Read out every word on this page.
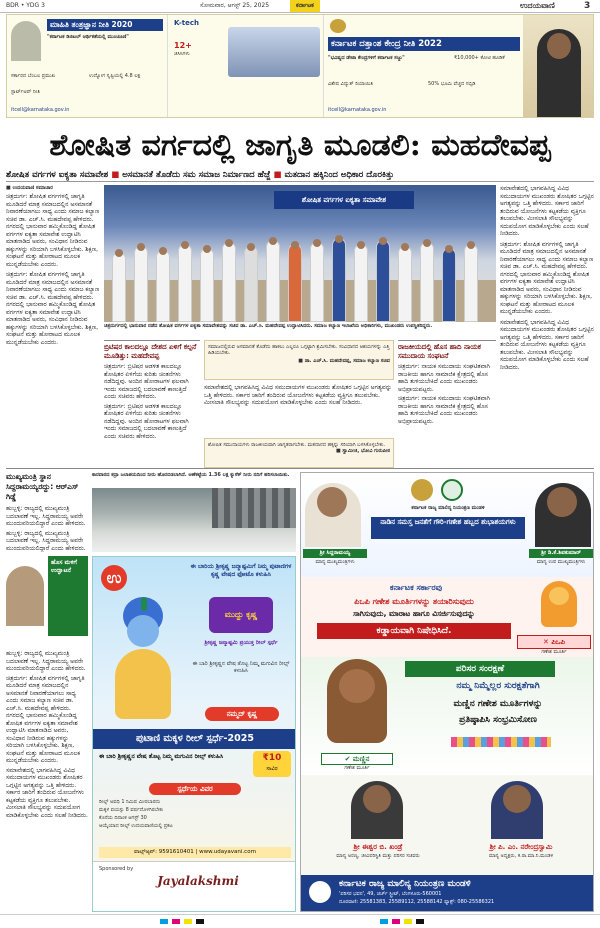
BDR • YDG 3	ಸೋಮವಾರ, ಆಗಸ್ಟ್ 25, 2025	ಕರ್ನಾಟಕ	ಉದಯವಾಣಿ	3
ಮಾಹಿತಿ ತಂತ್ರಜ್ಞಾನ ನೀತಿ 2020
"ಕರ್ನಾಟಕ ಡಿಜಿಟಲ್ ಆರ್ಥಿಕತೆಯಲ್ಲಿ ಮುಂಚೂಣಿ"
ಸರ್ಕಾರದ ಬೆಂಬಲ ಪ್ರಮುಖ	ಉದ್ಯೋಗ ಸೃಷ್ಟಿಯಲ್ಲಿ 4.8 ಲಕ್ಷ
ಸ್ಟಾರ್ಟ್‌ಅಪ್ ನೀತಿ
itcell@karnataka.gov.in
K-tech
12+
ಜಿಸಿಸಿಗಳು
ಕರ್ನಾಟಕ ದತ್ತಾಂಶ ಕೇಂದ್ರ ನೀತಿ 2022
"ಭವಿಷ್ಯದ ಡೇಟಾ ಕೇಂದ್ರಗಳಿಗೆ ಕರ್ನಾಟಕ ಸಜ್ಜು"	₹10,000+ ಕೋಟಿ ಹೂಡಿಕೆ
ವಿಶೇಷ ವಿದ್ಯುತ್ ರಿಯಾಯಿತಿ	50% ಭೂಮಿ ವೆಚ್ಚದ ಸಬ್ಸಿಡಿ
itcell@karnataka.gov.in
ಶೋಷಿತ ವರ್ಗದಲ್ಲಿ ಜಾಗೃತಿ ಮೂಡಲಿ: ಮಹದೇವಪ್ಪ
ಶೋಷಿತ ವರ್ಗಗಳ ಐಕ್ಯತಾ ಸಮಾವೇಶ ■ ಅಸಮಾನತೆ ತೊಡೆದು ಸಮ ಸಮಾಜ ನಿರ್ಮಾಣದ ಹೆಜ್ಜೆ ■ ಮತದಾನ ಹಕ್ಕಿನಿಂದ ಅಧಿಕಾರ ದೊರಕಿತ್ತು
■ ಉದಯವಾಣಿ ಸಮಾಚಾರ
ಚಿತ್ರದುರ್ಗ: ಶೋಷಿತ ವರ್ಗಗಳಲ್ಲಿ ಜಾಗೃತಿ ಮೂಡಿದರೆ ಮಾತ್ರ ಸಮಾಜದಲ್ಲಿನ ಅಸಮಾನತೆ ನಿವಾರಣೆಯಾಗಲು ಸಾಧ್ಯ ಎಂದು ಸಮಾಜ ಕಲ್ಯಾಣ ಸಚಿವ ಡಾ. ಎಚ್.ಸಿ. ಮಹದೇವಪ್ಪ ಹೇಳಿದರು. ನಗರದಲ್ಲಿ ಭಾನುವಾರ ಹಮ್ಮಿಕೊಂಡಿದ್ದ ಶೋಷಿತ ವರ್ಗಗಳ ಐಕ್ಯತಾ ಸಮಾವೇಶ ಉದ್ಘಾಟಿಸಿ ಮಾತನಾಡಿದ ಅವರು, ಸಂವಿಧಾನ ನೀಡಿರುವ ಹಕ್ಕುಗಳನ್ನು ಸರಿಯಾಗಿ ಬಳಸಿಕೊಳ್ಳಬೇಕು. ಶಿಕ್ಷಣ, ಸಂಘಟನೆ ಮತ್ತು ಹೋರಾಟದ ಮೂಲಕ ಮುನ್ನಡೆಯಬೇಕು ಎಂದರು.
ಚಿತ್ರದುರ್ಗ: ಶೋಷಿತ ವರ್ಗಗಳಲ್ಲಿ ಜಾಗೃತಿ ಮೂಡಿದರೆ ಮಾತ್ರ ಸಮಾಜದಲ್ಲಿನ ಅಸಮಾನತೆ ನಿವಾರಣೆಯಾಗಲು ಸಾಧ್ಯ ಎಂದು ಸಮಾಜ ಕಲ್ಯಾಣ ಸಚಿವ ಡಾ. ಎಚ್.ಸಿ. ಮಹದೇವಪ್ಪ ಹೇಳಿದರು. ನಗರದಲ್ಲಿ ಭಾನುವಾರ ಹಮ್ಮಿಕೊಂಡಿದ್ದ ಶೋಷಿತ ವರ್ಗಗಳ ಐಕ್ಯತಾ ಸಮಾವೇಶ ಉದ್ಘಾಟಿಸಿ ಮಾತನಾಡಿದ ಅವರು, ಸಂವಿಧಾನ ನೀಡಿರುವ ಹಕ್ಕುಗಳನ್ನು ಸರಿಯಾಗಿ ಬಳಸಿಕೊಳ್ಳಬೇಕು. ಶಿಕ್ಷಣ, ಸಂಘಟನೆ ಮತ್ತು ಹೋರಾಟದ ಮೂಲಕ ಮುನ್ನಡೆಯಬೇಕು ಎಂದರು.
ಶೋಷಿತ ವರ್ಗಗಳ ಐಕ್ಯತಾ ಸಮಾವೇಶ
ಚಿತ್ರದುರ್ಗದಲ್ಲಿ ಭಾನುವಾರ ನಡೆದ ಶೋಷಿತ ವರ್ಗಗಳ ಐಕ್ಯತಾ ಸಮಾವೇಶವನ್ನು ಸಚಿವ ಡಾ. ಎಚ್.ಸಿ. ಮಹದೇವಪ್ಪ ಉದ್ಘಾಟಿಸಿದರು. ಸಮಾಜ ಕಲ್ಯಾಣ ಇಲಾಖೆಯ ಅಧಿಕಾರಿಗಳು, ಮುಖಂಡರು ಉಪಸ್ಥಿತರಿದ್ದರು.
ಸಮಾವೇಶದಲ್ಲಿ ಭಾಗವಹಿಸಿದ್ದ ವಿವಿಧ ಸಮುದಾಯಗಳ ಮುಖಂಡರು ಶೋಷಿತರ ಒಗ್ಗಟ್ಟಿನ ಅಗತ್ಯವನ್ನು ಒತ್ತಿ ಹೇಳಿದರು. ಸರ್ಕಾರ ಜಾರಿಗೆ ತಂದಿರುವ ಯೋಜನೆಗಳು ಕಟ್ಟಕಡೆಯ ವ್ಯಕ್ತಿಗೂ ತಲುಪಬೇಕು. ಮೀಸಲಾತಿ ಸೌಲಭ್ಯವನ್ನು ಸದುಪಯೋಗ ಮಾಡಿಕೊಳ್ಳಬೇಕು ಎಂದು ಸಲಹೆ ನೀಡಿದರು.
ಚಿತ್ರದುರ್ಗ: ಶೋಷಿತ ವರ್ಗಗಳಲ್ಲಿ ಜಾಗೃತಿ ಮೂಡಿದರೆ ಮಾತ್ರ ಸಮಾಜದಲ್ಲಿನ ಅಸಮಾನತೆ ನಿವಾರಣೆಯಾಗಲು ಸಾಧ್ಯ ಎಂದು ಸಮಾಜ ಕಲ್ಯಾಣ ಸಚಿವ ಡಾ. ಎಚ್.ಸಿ. ಮಹದೇವಪ್ಪ ಹೇಳಿದರು. ನಗರದಲ್ಲಿ ಭಾನುವಾರ ಹಮ್ಮಿಕೊಂಡಿದ್ದ ಶೋಷಿತ ವರ್ಗಗಳ ಐಕ್ಯತಾ ಸಮಾವೇಶ ಉದ್ಘಾಟಿಸಿ ಮಾತನಾಡಿದ ಅವರು, ಸಂವಿಧಾನ ನೀಡಿರುವ ಹಕ್ಕುಗಳನ್ನು ಸರಿಯಾಗಿ ಬಳಸಿಕೊಳ್ಳಬೇಕು. ಶಿಕ್ಷಣ, ಸಂಘಟನೆ ಮತ್ತು ಹೋರಾಟದ ಮೂಲಕ ಮುನ್ನಡೆಯಬೇಕು ಎಂದರು.
ಸಮಾವೇಶದಲ್ಲಿ ಭಾಗವಹಿಸಿದ್ದ ವಿವಿಧ ಸಮುದಾಯಗಳ ಮುಖಂಡರು ಶೋಷಿತರ ಒಗ್ಗಟ್ಟಿನ ಅಗತ್ಯವನ್ನು ಒತ್ತಿ ಹೇಳಿದರು. ಸರ್ಕಾರ ಜಾರಿಗೆ ತಂದಿರುವ ಯೋಜನೆಗಳು ಕಟ್ಟಕಡೆಯ ವ್ಯಕ್ತಿಗೂ ತಲುಪಬೇಕು. ಮೀಸಲಾತಿ ಸೌಲಭ್ಯವನ್ನು ಸದುಪಯೋಗ ಮಾಡಿಕೊಳ್ಳಬೇಕು ಎಂದು ಸಲಹೆ ನೀಡಿದರು.
ಬ್ರಿಟಿಷರ ಕಾಲದಲ್ಲೂ ದೇಶದ ಏಳಿಗೆ ಕಲ್ಪನೆ ಮೂಡಿತ್ತು: ಮಹದೇವಪ್ಪ
ಚಿತ್ರದುರ್ಗ: ಬ್ರಿಟಿಷರ ಆಡಳಿತ ಕಾಲದಲ್ಲೂ ಶೋಷಿತರ ಏಳಿಗೆಯ ಕುರಿತು ಚಿಂತನೆಗಳು ನಡೆದಿದ್ದವು. ಅಂದಿನ ಹೋರಾಟಗಳ ಫಲವಾಗಿ ಇಂದು ಸಮಾಜದಲ್ಲಿ ಬದಲಾವಣೆ ಕಾಣುತ್ತಿದೆ ಎಂದು ಸಚಿವರು ಹೇಳಿದರು.
ಚಿತ್ರದುರ್ಗ: ಬ್ರಿಟಿಷರ ಆಡಳಿತ ಕಾಲದಲ್ಲೂ ಶೋಷಿತರ ಏಳಿಗೆಯ ಕುರಿತು ಚಿಂತನೆಗಳು ನಡೆದಿದ್ದವು. ಅಂದಿನ ಹೋರಾಟಗಳ ಫಲವಾಗಿ ಇಂದು ಸಮಾಜದಲ್ಲಿ ಬದಲಾವಣೆ ಕಾಣುತ್ತಿದೆ ಎಂದು ಸಚಿವರು ಹೇಳಿದರು.
ಸಮಾಜದಲ್ಲಿರುವ ಅಸಮಾನತೆ ತೊಡೆದು ಹಾಕಲು ಎಲ್ಲರೂ ಒಗ್ಗಟ್ಟಾಗಿ ಶ್ರಮಿಸಬೇಕು. ಸಂವಿಧಾನದ ಆಶಯಗಳನ್ನು ಎತ್ತಿ ಹಿಡಿಯಬೇಕು.
■ ಡಾ. ಎಚ್.ಸಿ. ಮಹದೇವಪ್ಪ, ಸಮಾಜ ಕಲ್ಯಾಣ ಸಚಿವ
ಸಮಾವೇಶದಲ್ಲಿ ಭಾಗವಹಿಸಿದ್ದ ವಿವಿಧ ಸಮುದಾಯಗಳ ಮುಖಂಡರು ಶೋಷಿತರ ಒಗ್ಗಟ್ಟಿನ ಅಗತ್ಯವನ್ನು ಒತ್ತಿ ಹೇಳಿದರು. ಸರ್ಕಾರ ಜಾರಿಗೆ ತಂದಿರುವ ಯೋಜನೆಗಳು ಕಟ್ಟಕಡೆಯ ವ್ಯಕ್ತಿಗೂ ತಲುಪಬೇಕು. ಮೀಸಲಾತಿ ಸೌಲಭ್ಯವನ್ನು ಸದುಪಯೋಗ ಮಾಡಿಕೊಳ್ಳಬೇಕು ಎಂದು ಸಲಹೆ ನೀಡಿದರು.
ಶೋಷಿತ ಸಮುದಾಯಗಳು ರಾಜಕೀಯವಾಗಿ ಜಾಗೃತರಾಗಬೇಕು. ಮತದಾನದ ಹಕ್ಕನ್ನು ಸರಿಯಾಗಿ ಬಳಸಿಕೊಳ್ಳಬೇಕು.
■ ಸ್ವಾಮೀಜಿ, ಭೋವಿ ಗುರುಪೀಠ
ರಾಜಕೀಯದಲ್ಲಿ ಹೊಸ ಹಾದಿ ನಾಯಕ ಸಮುದಾಯ ಸಂಘಟನೆ
ಚಿತ್ರದುರ್ಗ: ನಾಯಕ ಸಮುದಾಯ ಸಂಘಟಿತವಾಗಿ ರಾಜಕೀಯ ಹಾಗೂ ಸಾಮಾಜಿಕ ಕ್ಷೇತ್ರದಲ್ಲಿ ಹೊಸ ಹಾದಿ ತುಳಿಯಬೇಕಿದೆ ಎಂದು ಮುಖಂಡರು ಅಭಿಪ್ರಾಯಪಟ್ಟರು.
ಚಿತ್ರದುರ್ಗ: ನಾಯಕ ಸಮುದಾಯ ಸಂಘಟಿತವಾಗಿ ರಾಜಕೀಯ ಹಾಗೂ ಸಾಮಾಜಿಕ ಕ್ಷೇತ್ರದಲ್ಲಿ ಹೊಸ ಹಾದಿ ತುಳಿಯಬೇಕಿದೆ ಎಂದು ಮುಖಂಡರು ಅಭಿಪ್ರಾಯಪಟ್ಟರು.
ಮುಖ್ಯಮಂತ್ರಿ ಸ್ಥಾನ ಸಿದ್ದರಾಮಯ್ಯರದ್ದು: ಆರ್‌ಎಸ್ ಗಿಡ್ಡೆ
ಹುಬ್ಬಳ್ಳಿ: ರಾಜ್ಯದಲ್ಲಿ ಮುಖ್ಯಮಂತ್ರಿ ಬದಲಾವಣೆ ಇಲ್ಲ. ಸಿದ್ದರಾಮಯ್ಯ ಅವರೇ ಮುಂದುವರಿಯಲಿದ್ದಾರೆ ಎಂದು ಹೇಳಿದರು.
ಹುಬ್ಬಳ್ಳಿ: ರಾಜ್ಯದಲ್ಲಿ ಮುಖ್ಯಮಂತ್ರಿ ಬದಲಾವಣೆ ಇಲ್ಲ. ಸಿದ್ದರಾಮಯ್ಯ ಅವರೇ ಮುಂದುವರಿಯಲಿದ್ದಾರೆ ಎಂದು ಹೇಳಿದರು.
ಹೊಸ ಮಳಿಗೆ ಉದ್ಘಾಟನೆ
ಹುಬ್ಬಳ್ಳಿ: ರಾಜ್ಯದಲ್ಲಿ ಮುಖ್ಯಮಂತ್ರಿ ಬದಲಾವಣೆ ಇಲ್ಲ. ಸಿದ್ದರಾಮಯ್ಯ ಅವರೇ ಮುಂದುವರಿಯಲಿದ್ದಾರೆ ಎಂದು ಹೇಳಿದರು.
ಚಿತ್ರದುರ್ಗ: ಶೋಷಿತ ವರ್ಗಗಳಲ್ಲಿ ಜಾಗೃತಿ ಮೂಡಿದರೆ ಮಾತ್ರ ಸಮಾಜದಲ್ಲಿನ ಅಸಮಾನತೆ ನಿವಾರಣೆಯಾಗಲು ಸಾಧ್ಯ ಎಂದು ಸಮಾಜ ಕಲ್ಯಾಣ ಸಚಿವ ಡಾ. ಎಚ್.ಸಿ. ಮಹದೇವಪ್ಪ ಹೇಳಿದರು. ನಗರದಲ್ಲಿ ಭಾನುವಾರ ಹಮ್ಮಿಕೊಂಡಿದ್ದ ಶೋಷಿತ ವರ್ಗಗಳ ಐಕ್ಯತಾ ಸಮಾವೇಶ ಉದ್ಘಾಟಿಸಿ ಮಾತನಾಡಿದ ಅವರು, ಸಂವಿಧಾನ ನೀಡಿರುವ ಹಕ್ಕುಗಳನ್ನು ಸರಿಯಾಗಿ ಬಳಸಿಕೊಳ್ಳಬೇಕು. ಶಿಕ್ಷಣ, ಸಂಘಟನೆ ಮತ್ತು ಹೋರಾಟದ ಮೂಲಕ ಮುನ್ನಡೆಯಬೇಕು ಎಂದರು.
ಸಮಾವೇಶದಲ್ಲಿ ಭಾಗವಹಿಸಿದ್ದ ವಿವಿಧ ಸಮುದಾಯಗಳ ಮುಖಂಡರು ಶೋಷಿತರ ಒಗ್ಗಟ್ಟಿನ ಅಗತ್ಯವನ್ನು ಒತ್ತಿ ಹೇಳಿದರು. ಸರ್ಕಾರ ಜಾರಿಗೆ ತಂದಿರುವ ಯೋಜನೆಗಳು ಕಟ್ಟಕಡೆಯ ವ್ಯಕ್ತಿಗೂ ತಲುಪಬೇಕು. ಮೀಸಲಾತಿ ಸೌಲಭ್ಯವನ್ನು ಸದುಪಯೋಗ ಮಾಡಿಕೊಳ್ಳಬೇಕು ಎಂದು ಸಲಹೆ ನೀಡಿದರು.
ಕಾರವಾರದ ಕದ್ರಾ ಜಲಾಶಯದಿಂದ ನೀರು ಹೊರಬಿಡಲಾಗಿದೆ. ಅಣೆಕಟ್ಟೆಯ 1.36 ಲಕ್ಷ ಕ್ಯುಸೆಕ್ ನೀರು ನದಿಗೆ ಹರಿಸಲಾಯಿತು.
ಉ
ಈ ಬಾರಿಯ ಶ್ರೀಕೃಷ್ಣ ಜನ್ಮಾಷ್ಟಮಿಗೆ ನಿಮ್ಮ ಪುಟಾಣಿಗಳ ಕೃಷ್ಣ ವೇಷದ ಫೋಟೊ ಕಳುಹಿಸಿ
ಮುದ್ದು ಕೃಷ್ಣ
ಶ್ರೀಕೃಷ್ಣ ಜನ್ಮಾಷ್ಟಮಿ ಪ್ರಯುಕ್ತ ರೀಲ್ ಸ್ಪರ್ಧೆ
ಈ ಬಾರಿ ಶ್ರೀಕೃಷ್ಣನ ವೇಷ ತೊಟ್ಟ ನಿಮ್ಮ ಮಗುವಿನ ರೀಲ್ಸ್ ಕಳುಹಿಸಿ
ನಮ್ಮದ್ ಕೃಷ್ಣ
ಪುಟಾಣಿ ಮಕ್ಕಳ ರೀಲ್ ಸ್ಪರ್ಧೆ-2025
ಈ ಬಾರಿ ಶ್ರೀಕೃಷ್ಣನ ವೇಷ ತೊಟ್ಟ ನಿಮ್ಮ ಮಗುವಿನ ರೀಲ್ಸ್ ಕಳುಹಿಸಿ	₹10
ಸಾವಿರ
ಸ್ಪರ್ಧೆಯ ವಿವರ
ರೀಲ್ಸ್ ಅವಧಿ 1 ನಿಮಿಷ ಮೀರಬಾರದು
ಮಕ್ಕಳ ವಯಸ್ಸು 8 ವರ್ಷದೊಳಗಿರಬೇಕು
ಕೊನೆಯ ದಿನಾಂಕ ಆಗಸ್ಟ್ 30
ಆಯ್ಕೆಯಾದ ರೀಲ್ಸ್ ಉದಯವಾಣಿಯಲ್ಲಿ ಪ್ರಕಟ
ವಾಟ್ಸ್ಆ್ಯಪ್: 9591610401 | www.udayavani.com
Sponsored by
Jayalakshmi
ಕರ್ನಾಟಕ ರಾಜ್ಯ ಮಾಲಿನ್ಯ ನಿಯಂತ್ರಣ ಮಂಡಳಿ
ನಾಡಿನ ಸಮಸ್ತ ಜನತೆಗೆ ಗೌರಿ-ಗಣೇಶ ಹಬ್ಬದ ಶುಭಾಶಯಗಳು
ಶ್ರೀ ಸಿದ್ದರಾಮಯ್ಯ
ಮಾನ್ಯ ಮುಖ್ಯಮಂತ್ರಿಗಳು
ಶ್ರೀ ಡಿ.ಕೆ.ಶಿವಕುಮಾರ್
ಮಾನ್ಯ ಉಪ ಮುಖ್ಯಮಂತ್ರಿಗಳು
ಕರ್ನಾಟಕ ಸರ್ಕಾರವು
ಪಿಒಪಿ ಗಣೇಶ ಮೂರ್ತಿಗಳನ್ನು ತಯಾರಿಸುವುದು
ಸಾಗಿಸುವುದು, ಮಾರಾಟ ಹಾಗೂ ವಿಸರ್ಜಿಸುವುದನ್ನು
ಕಡ್ಡಾಯವಾಗಿ ನಿಷೇಧಿಸಿದೆ.
✕ ಪಿಒಪಿ
ಗಣೇಶ ಮೂರ್ತಿ
ಪರಿಸರ ಸಂರಕ್ಷಣೆ
ನಮ್ಮ ನಿಮ್ಮೆಲ್ಲರ ಸುರಕ್ಷತೆಗಾಗಿ
ಮಣ್ಣಿನ ಗಣೇಶ ಮೂರ್ತಿಗಳನ್ನು
ಪ್ರತಿಷ್ಠಾಪಿಸಿ ಸಂಭ್ರಮಿಸೋಣ
✔ ಮಣ್ಣಿನ
ಗಣೇಶ ಮೂರ್ತಿ
ಶ್ರೀ ಈಶ್ವರ ಬಿ. ಖಂಡ್ರೆ
ಮಾನ್ಯ ಅರಣ್ಯ, ಜೀವಿಪರಿಸ್ಥಿತಿ ಮತ್ತು ಪರಿಸರ ಸಚಿವರು
ಶ್ರೀ ಪಿ. ಎಂ. ನರೇಂದ್ರಸ್ವಾಮಿ
ಮಾನ್ಯ ಅಧ್ಯಕ್ಷರು, ಕ.ರಾ.ಮಾ.ನಿ.ಮಂಡಳಿ
ಕರ್ನಾಟಕ ರಾಜ್ಯ ಮಾಲಿನ್ಯ ನಿಯಂತ್ರಣ ಮಂಡಳಿ
'ಪರಿಸರ ಭವನ', 49, ಚರ್ಚ್ ಸ್ಟ್ರೀಟ್, ಬೆಂಗಳೂರು-560001
ದೂರವಾಣಿ: 25581383, 25589112, 25588142 ಫ್ಯಾಕ್ಸ್: 080-25586321
